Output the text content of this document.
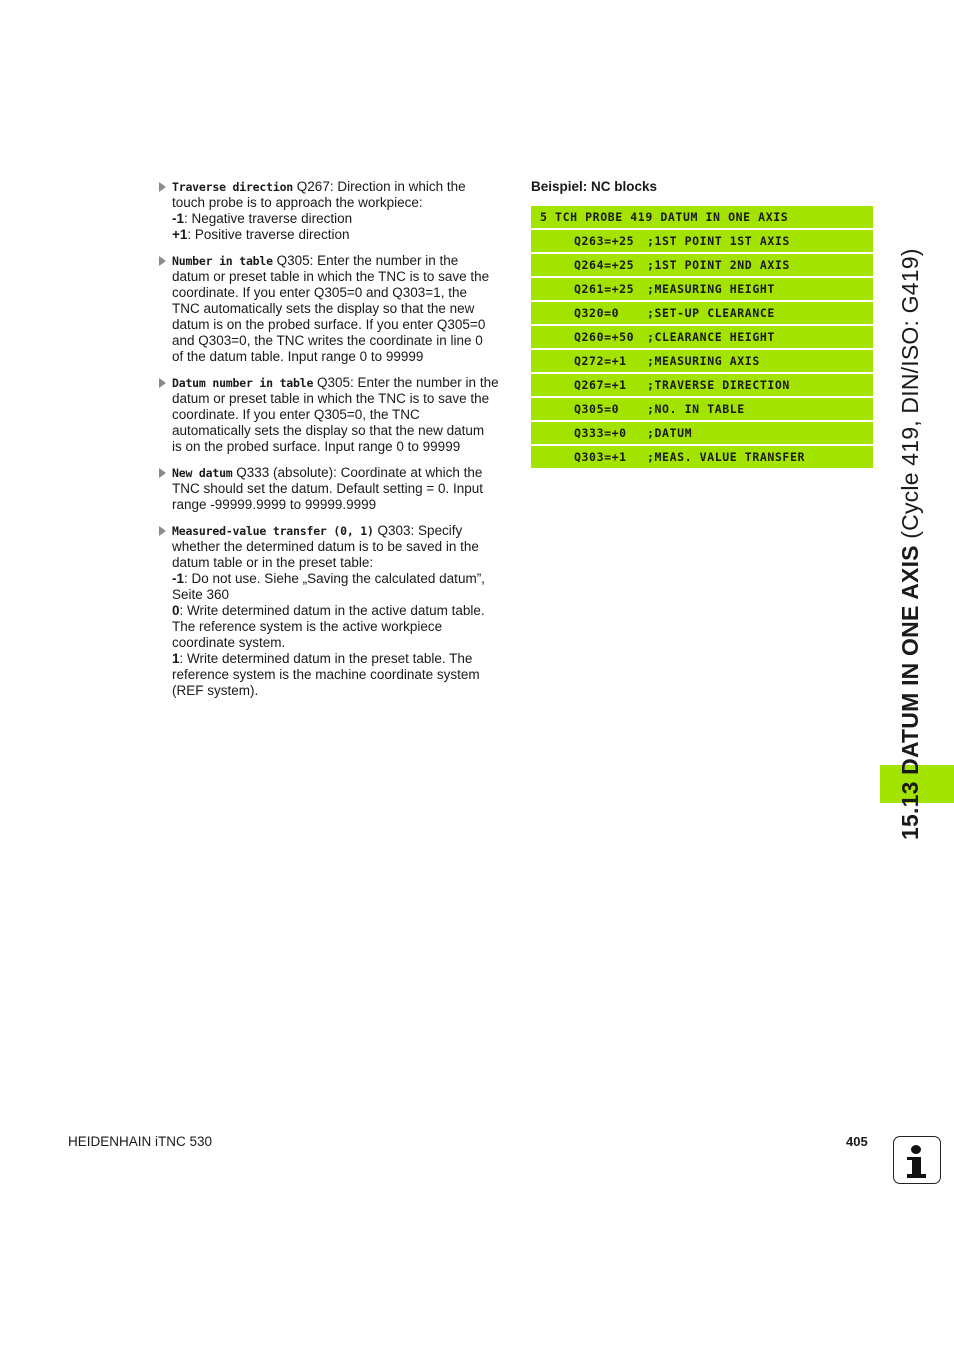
Traverse direction Q267: Direction in which the
touch probe is to approach the workpiece:
-1: Negative traverse direction
+1: Positive traverse direction
Number in table Q305: Enter the number in the
datum or preset table in which the TNC is to save the
coordinate. If you enter Q305=0 and Q303=1, the
TNC automatically sets the display so that the new
datum is on the probed surface. If you enter Q305=0
and Q303=0, the TNC writes the coordinate in line 0
of the datum table. Input range 0 to 99999
Datum number in table Q305: Enter the number in the
datum or preset table in which the TNC is to save the
coordinate. If you enter Q305=0, the TNC
automatically sets the display so that the new datum
is on the probed surface. Input range 0 to 99999
New datum Q333 (absolute): Coordinate at which the
TNC should set the datum. Default setting = 0. Input
range -99999.9999 to 99999.9999
Measured-value transfer (0, 1) Q303: Specify
whether the determined datum is to be saved in the
datum table or in the preset table:
-1: Do not use. Siehe „Saving the calculated datum”,
Seite 360
0: Write determined datum in the active datum table.
The reference system is the active workpiece
coordinate system.
1: Write determined datum in the preset table. The
reference system is the machine coordinate system
(REF system).
Beispiel: NC blocks
5 TCH PROBE 419 DATUM IN ONE AXIS
Q263=+25 ;1ST POINT 1ST AXIS
Q264=+25 ;1ST POINT 2ND AXIS
Q261=+25 ;MEASURING HEIGHT
Q320=0 ;SET-UP CLEARANCE
Q260=+50 ;CLEARANCE HEIGHT
Q272=+1 ;MEASURING AXIS
Q267=+1 ;TRAVERSE DIRECTION
Q305=0 ;NO. IN TABLE
Q333=+0 ;DATUM
Q303=+1 ;MEAS. VALUE TRANSFER
15.13 DATUM IN ONE AXIS (Cycle 419, DIN/ISO: G419)
HEIDENHAIN iTNC 530	405
